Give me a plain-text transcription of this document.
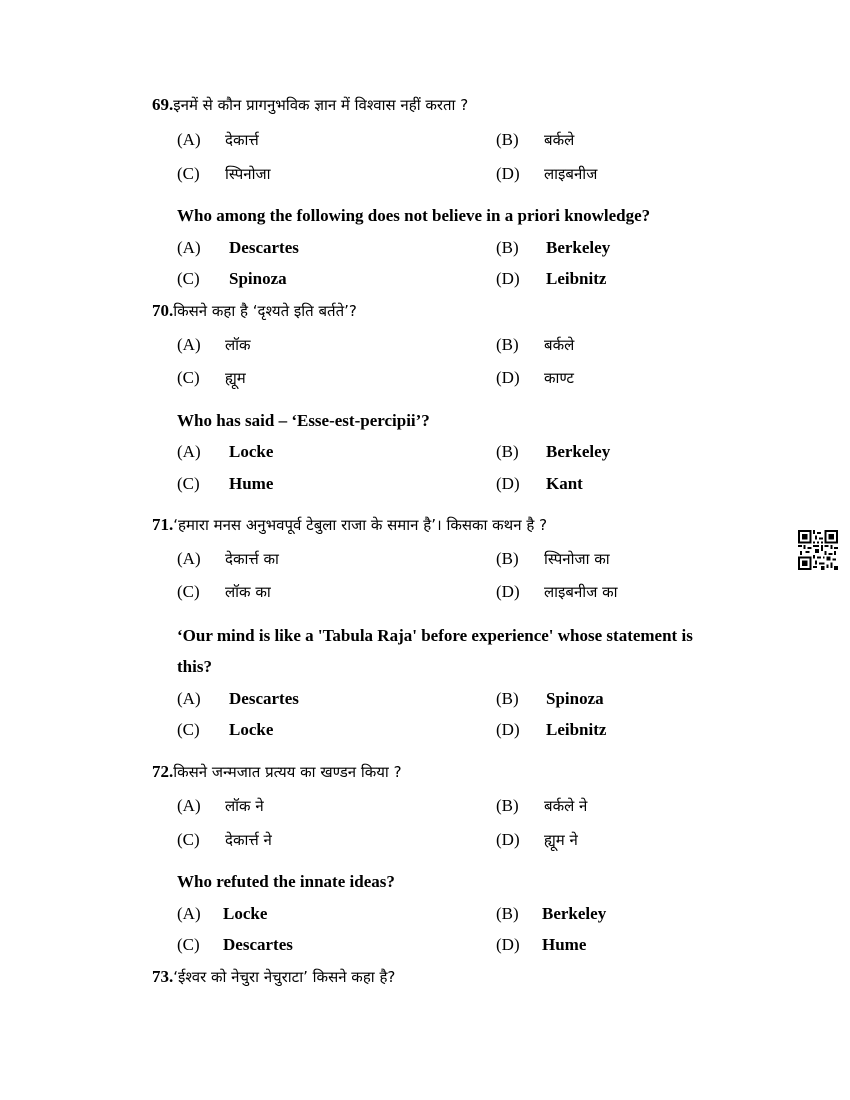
69.इनमें से कौन प्रागनुभविक ज्ञान में विश्वास नहीं करता ?
(A) देकार्त्त	(B) बर्कले
(C) स्पिनोजा	(D) लाइबनीज
Who among the following does not believe in a priori knowledge?
(A) Descartes	(B) Berkeley
(C) Spinoza	(D) Leibnitz
70.किसने कहा है ‘दृश्यते इति बर्तते’?
(A) लॉक	(B) बर्कले
(C) ह्यूम	(D) काण्ट
Who has said – ‘Esse-est-percipii’?
(A) Locke	(B) Berkeley
(C) Hume	(D) Kant
71.‘हमारा मनस अनुभवपूर्व टेबुला राजा के समान है’। किसका कथन है ?
(A) देकार्त्त का	(B) स्पिनोजा का
(C) लॉक का	(D) लाइबनीज का
‘Our mind is like a 'Tabula Raja' before experience' whose statement is
this?
(A) Descartes	(B) Spinoza
(C) Locke	(D) Leibnitz
72.किसने जन्मजात प्रत्यय का खण्डन किया ?
(A) लॉक ने	(B) बर्कले ने
(C) देकार्त्त ने	(D) ह्यूम ने
Who refuted the innate ideas?
(A) Locke	(B) Berkeley
(C) Descartes	(D) Hume
73.‘ईश्वर को नेचुरा नेचुराटा’ किसने कहा है?
